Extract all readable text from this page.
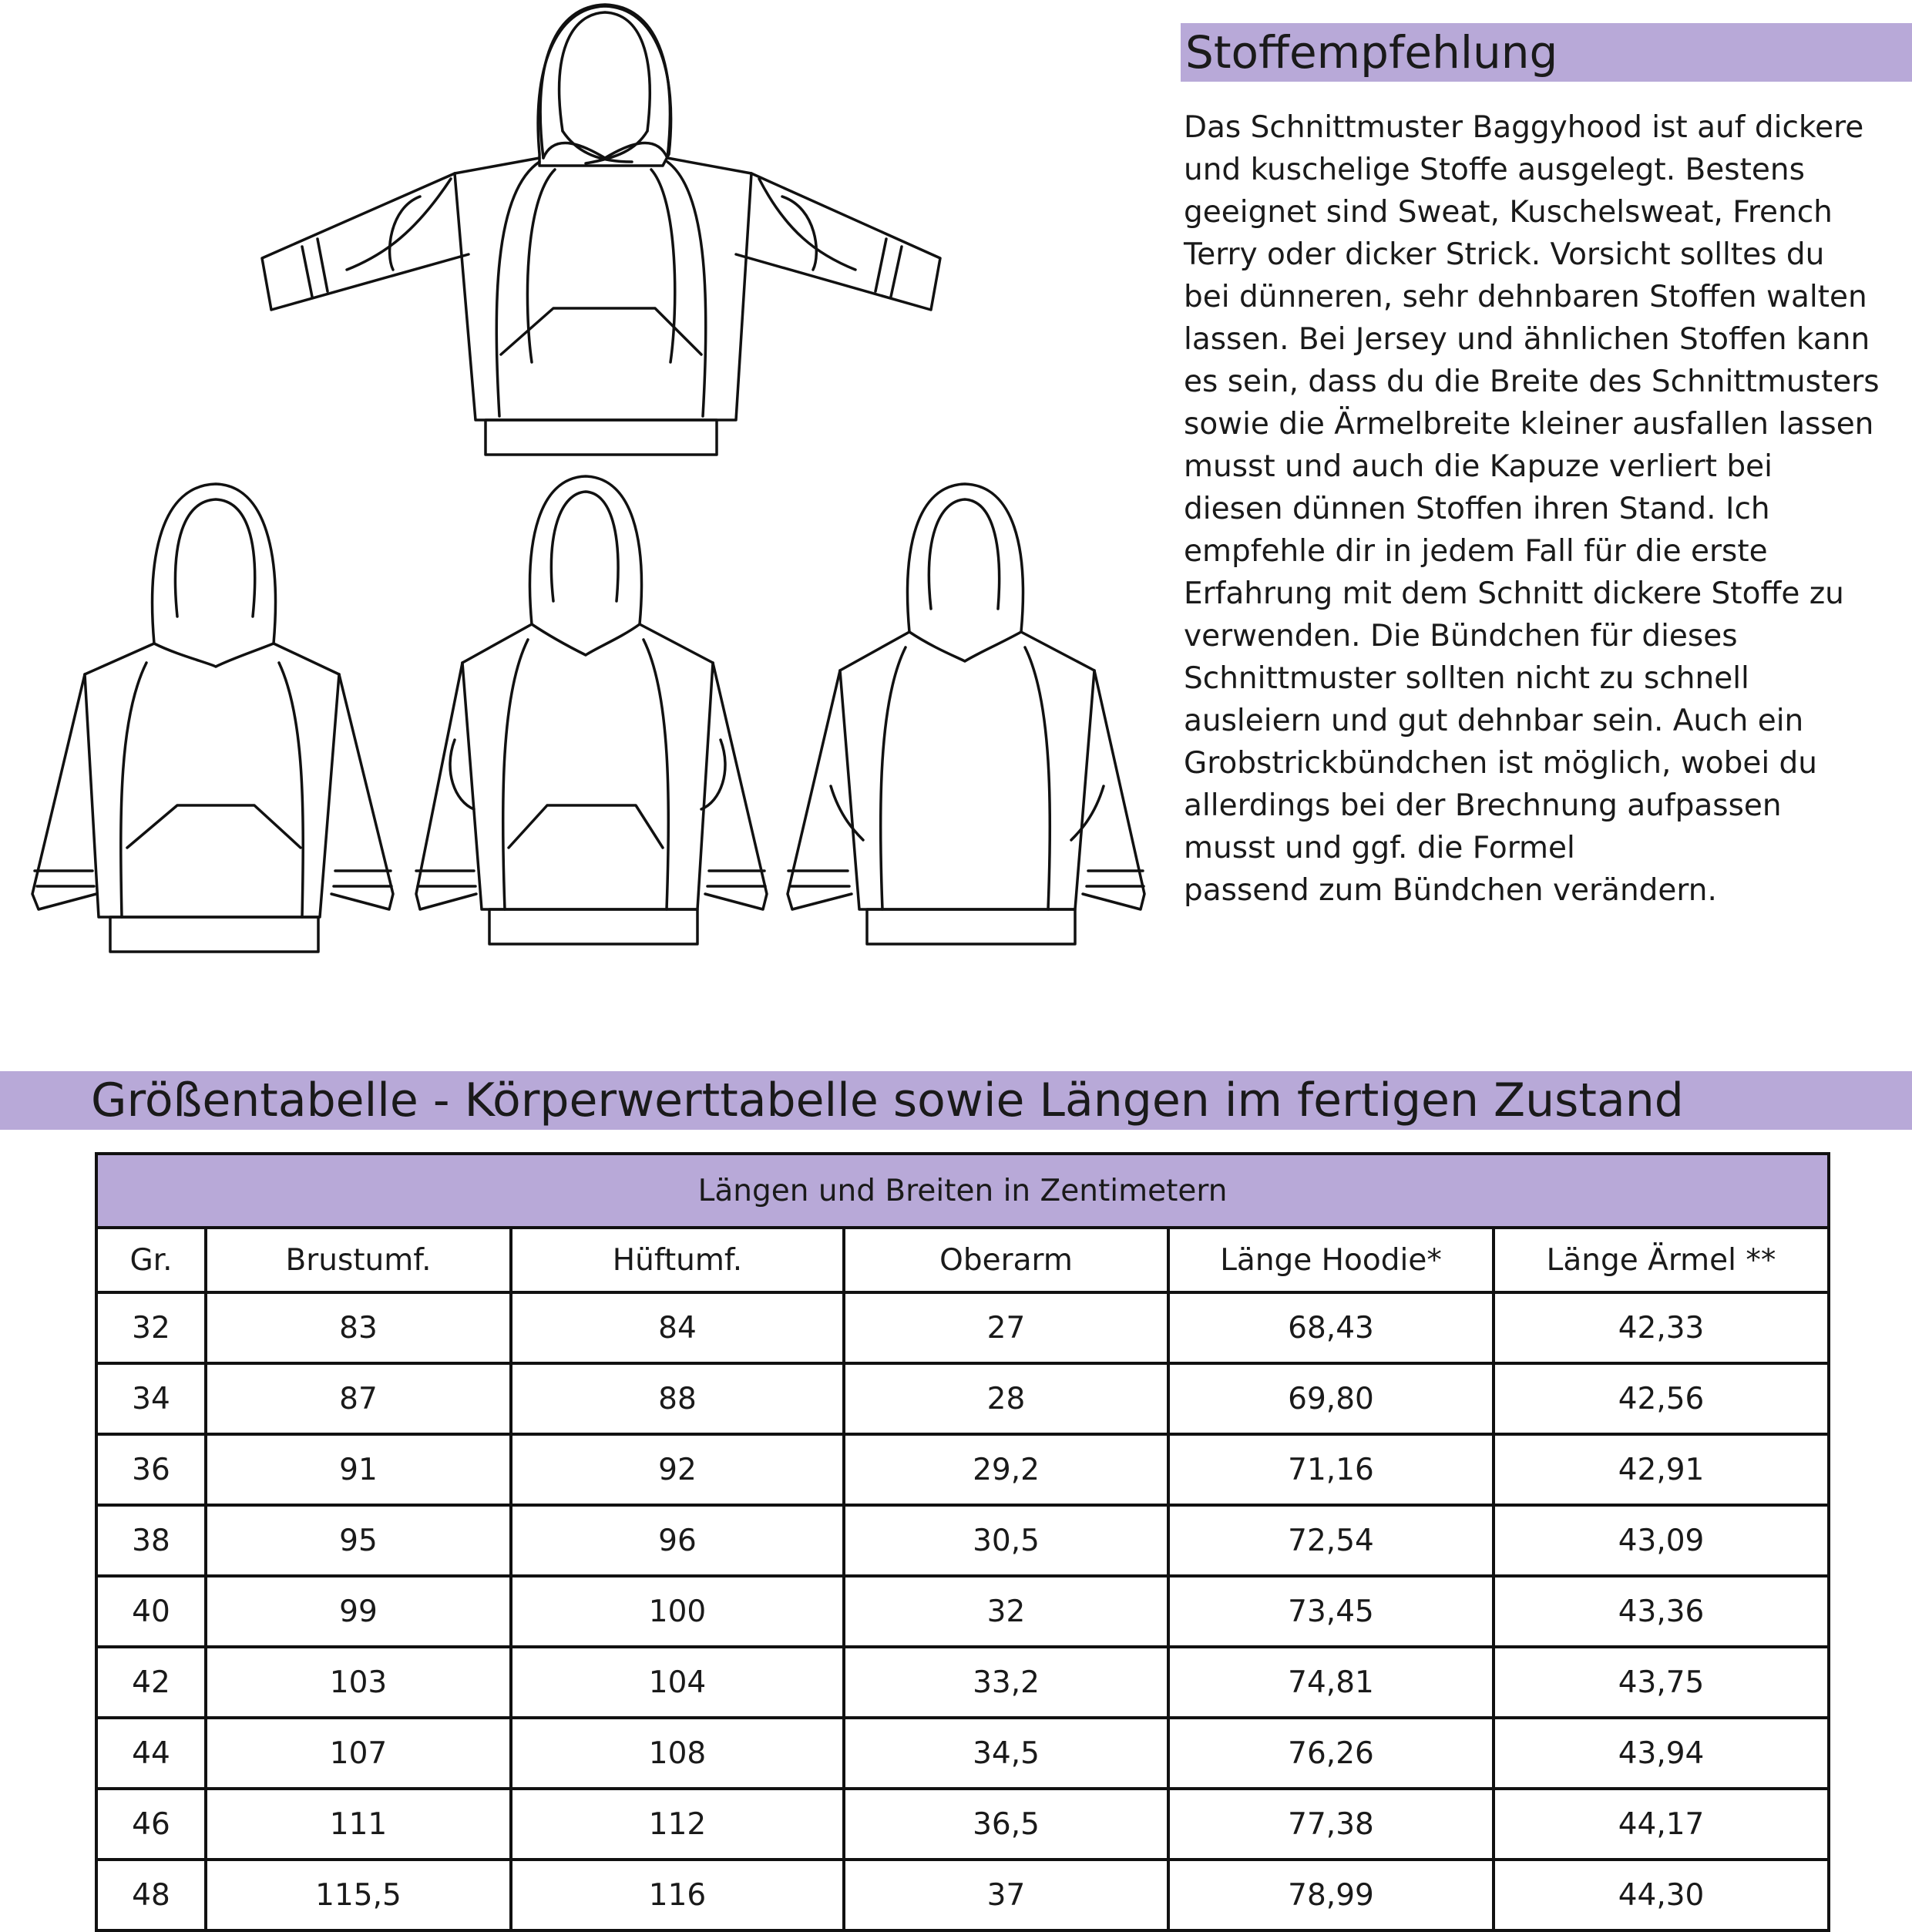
Stoffempfehlung
Das Schnittmuster Baggyhood ist auf dickere
und kuschelige Stoffe ausgelegt. Bestens
geeignet sind Sweat, Kuschelsweat, French
Terry oder dicker Strick. Vorsicht solltes du
bei dünneren, sehr dehnbaren Stoffen walten
lassen. Bei Jersey und ähnlichen Stoffen kann
es sein, dass du die Breite des Schnittmusters
sowie die Ärmelbreite kleiner ausfallen lassen
musst und auch die Kapuze verliert bei
diesen dünnen Stoffen ihren Stand. Ich
empfehle dir in jedem Fall für die erste
Erfahrung mit dem Schnitt dickere Stoffe zu
verwenden. Die Bündchen für dieses
Schnittmuster sollten nicht zu schnell
ausleiern und gut dehnbar sein. Auch ein
Grobstrickbündchen ist möglich, wobei du
allerdings bei der Brechnung aufpassen
musst und ggf. die Formel
passend zum Bündchen verändern.
Größentabelle - Körperwerttabelle sowie Längen im fertigen Zustand
Längen und Breiten in Zentimetern					
Gr.	Brustumf.	Hüftumf.	Oberarm	Länge Hoodie*	Länge Ärmel **
32	83	84	27	68,43	42,33
34	87	88	28	69,80	42,56
36	91	92	29,2	71,16	42,91
38	95	96	30,5	72,54	43,09
40	99	100	32	73,45	43,36
42	103	104	33,2	74,81	43,75
44	107	108	34,5	76,26	43,94
46	111	112	36,5	77,38	44,17
48	115,5	116	37	78,99	44,30
